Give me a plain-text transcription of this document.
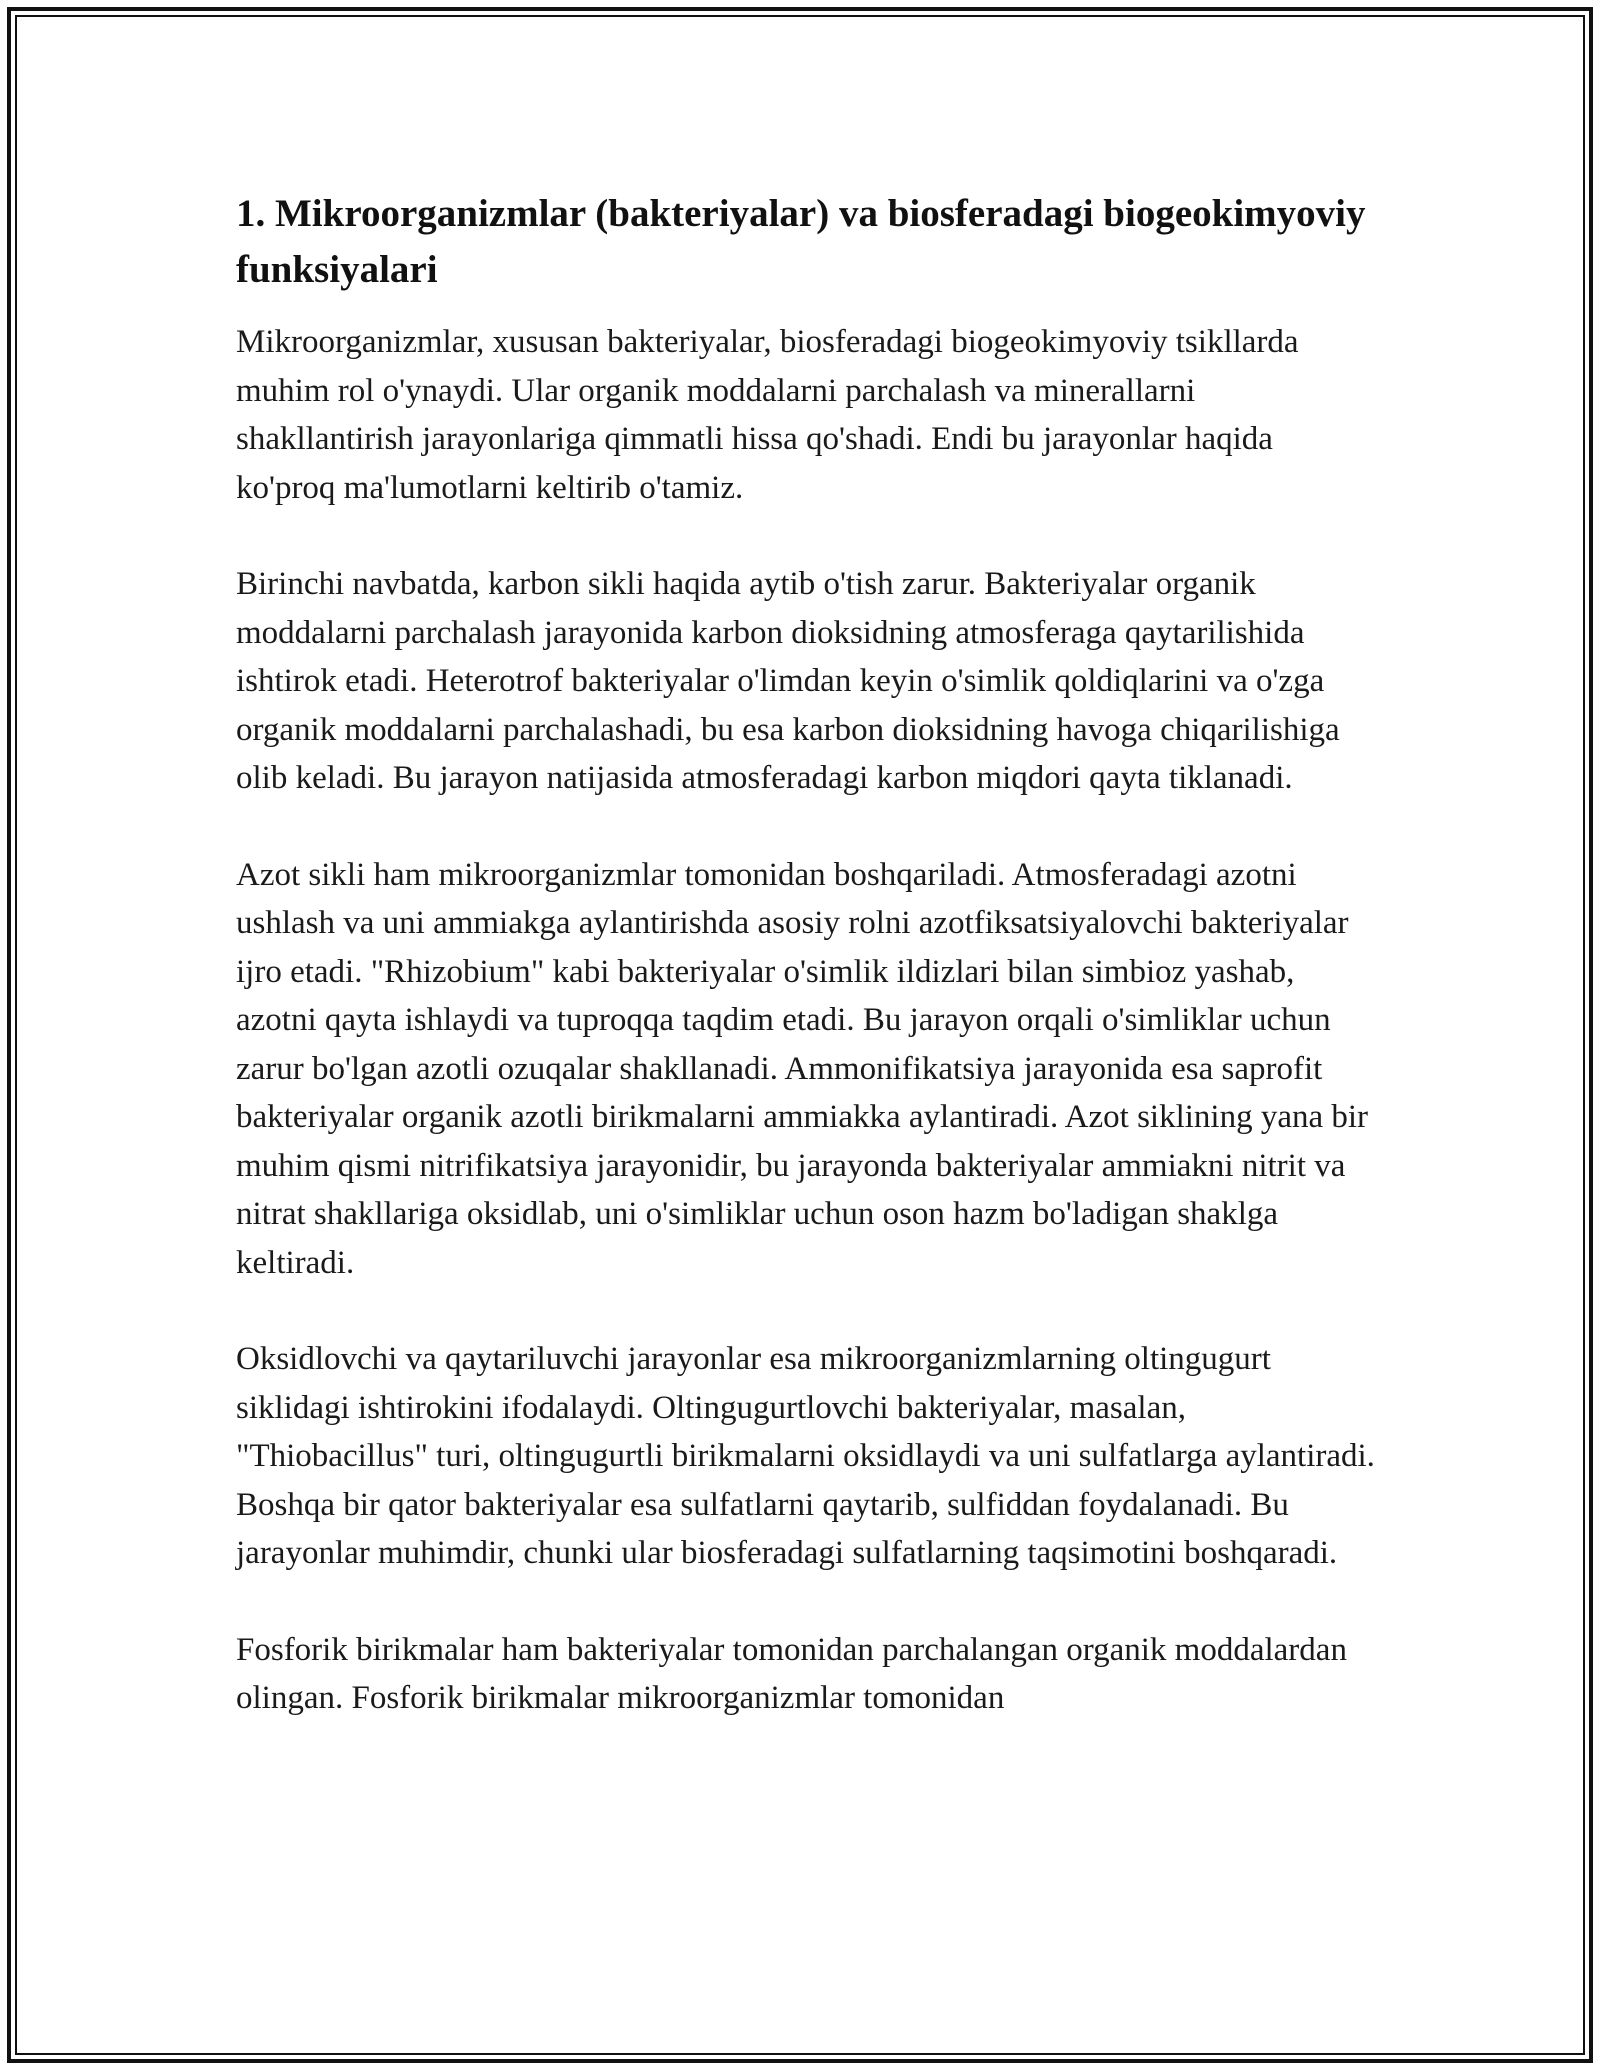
1. Mikroorganizmlar (bakteriyalar) va biosferadagi biogeokimyoviy funksiyalari

Mikroorganizmlar, xususan bakteriyalar, biosferadagi biogeokimyoviy tsikllarda muhim rol o'ynaydi. Ular organik moddalarni parchalash va minerallarni shakllantirish jarayonlariga qimmatli hissa qo'shadi. Endi bu jarayonlar haqida ko'proq ma'lumotlarni keltirib o'tamiz.

Birinchi navbatda, karbon sikli haqida aytib o'tish zarur. Bakteriyalar organik moddalarni parchalash jarayonida karbon dioksidning atmosferaga qaytarilishida ishtirok etadi. Heterotrof bakteriyalar o'limdan keyin o'simlik qoldiqlarini va o'zga organik moddalarni parchalashadi, bu esa karbon dioksidning havoga chiqarilishiga olib keladi. Bu jarayon natijasida atmosferadagi karbon miqdori qayta tiklanadi.

Azot sikli ham mikroorganizmlar tomonidan boshqariladi. Atmosferadagi azotni ushlash va uni ammiakga aylantirishda asosiy rolni azotfiksatsiyalovchi bakteriyalar ijro etadi. "Rhizobium" kabi bakteriyalar o'simlik ildizlari bilan simbioz yashab, azotni qayta ishlaydi va tuproqqa taqdim etadi. Bu jarayon orqali o'simliklar uchun zarur bo'lgan azotli ozuqalar shakllanadi. Ammonifikatsiya jarayonida esa saprofit bakteriyalar organik azotli birikmalarni ammiakka aylantiradi. Azot siklining yana bir muhim qismi nitrifikatsiya jarayonidir, bu jarayonda bakteriyalar ammiakni nitrit va nitrat shakllariga oksidlab, uni o'simliklar uchun oson hazm bo'ladigan shaklga keltiradi.

Oksidlovchi va qaytariluvchi jarayonlar esa mikroorganizmlarning oltingugurt siklidagi ishtirokini ifodalaydi. Oltingugurtlovchi bakteriyalar, masalan, "Thiobacillus" turi, oltingugurtli birikmalarni oksidlaydi va uni sulfatlarga aylantiradi. Boshqa bir qator bakteriyalar esa sulfatlarni qaytarib, sulfiddan foydalanadi. Bu jarayonlar muhimdir, chunki ular biosferadagi sulfatlarning taqsimotini boshqaradi.

Fosforik birikmalar ham bakteriyalar tomonidan parchalangan organik moddalardan olingan. Fosforik birikmalar mikroorganizmlar tomonidan
